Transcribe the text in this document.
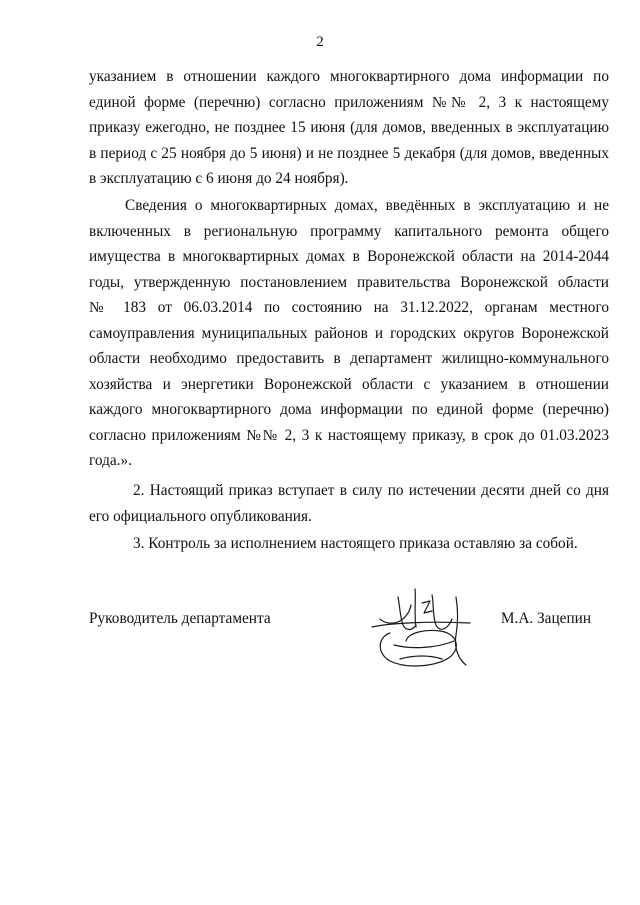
2
указанием в отношении каждого многоквартирного дома информации по
единой форме (перечню) согласно приложениям №№ 2, 3 к настоящему
приказу ежегодно, не позднее 15 июня (для домов, введенных в эксплуатацию
в период с 25 ноября до 5 июня) и не позднее 5 декабря (для домов, введенных
в эксплуатацию с 6 июня до 24 ноября).
Сведения о многоквартирных домах, введённых в эксплуатацию и не
включенных в региональную программу капитального ремонта общего
имущества в многоквартирных домах в Воронежской области на 2014-2044
годы, утвержденную постановлением правительства Воронежской области
№ 183 от 06.03.2014 по состоянию на 31.12.2022, органам местного
самоуправления муниципальных районов и городских округов Воронежской
области необходимо предоставить в департамент жилищно-коммунального
хозяйства и энергетики Воронежской области с указанием в отношении
каждого многоквартирного дома информации по единой форме (перечню)
согласно приложениям №№ 2, 3 к настоящему приказу, в срок до 01.03.2023
года.».
2. Настоящий приказ вступает в силу по истечении десяти дней со дня
его официального опубликования.
3. Контроль за исполнением настоящего приказа оставляю за собой.
Руководитель департамента	М.А. Зацепин
